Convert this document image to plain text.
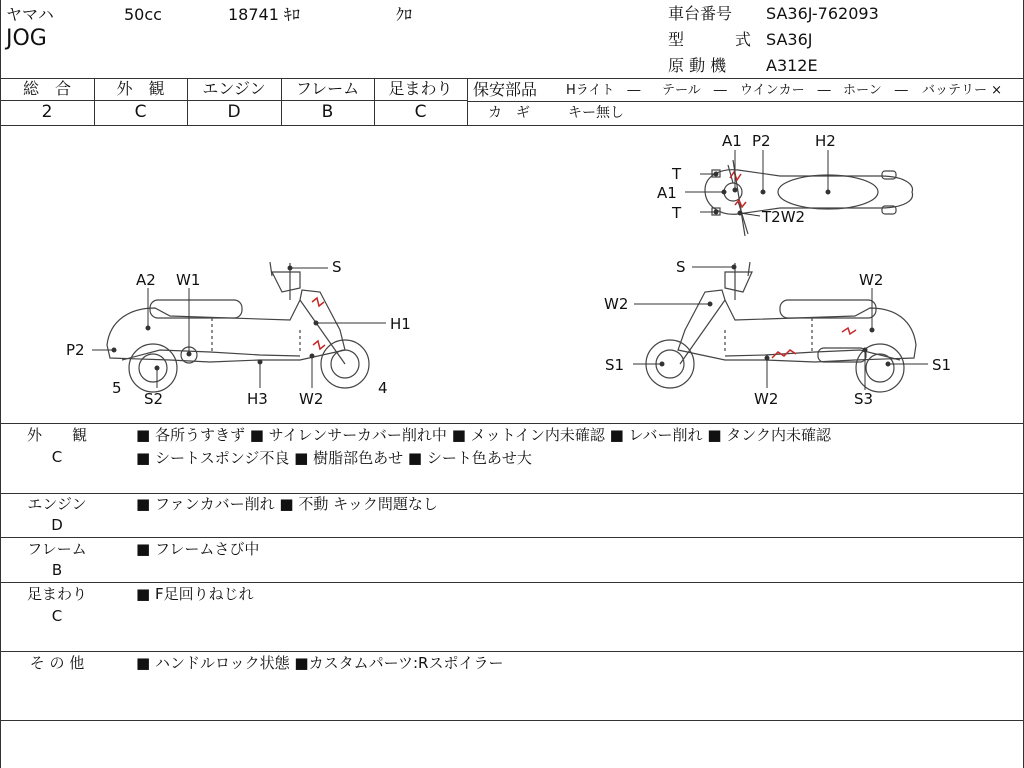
ヤマハ	50cc	18741 ｷﾛ	ｸﾛ
JOG
車台番号 SA36J-762093
型	式 SA36J
原 動 機 A312E
総　合	外　観	エンジン	フレーム	足まわり
2	C	D	B	C
保安部品 Hライト　― テール　― ウインカー　― ホーン　― バッテリー ×
カ　ギ	キー無し
A1 P2	H2
T
A1
T	T2W2
A2 W1
S
H1
P2
5
S2	H3 W2
4
S
W2
W2
S1	S1
W2	S3
外　　観
C
■ 各所うすきず ■ サイレンサーカバー削れ中 ■ メットイン内未確認 ■ レバー削れ ■ タンク内未確認
■ シートスポンジ不良 ■ 樹脂部色あせ ■ シート色あせ大
エンジン
D
■ ファンカバー削れ ■ 不動 キック問題なし
フレーム
B
■ フレームさび中
足まわり
C
■ F足回りねじれ
そ の 他	■ ハンドルロック状態 ■カスタムパーツ:Rスポイラー
